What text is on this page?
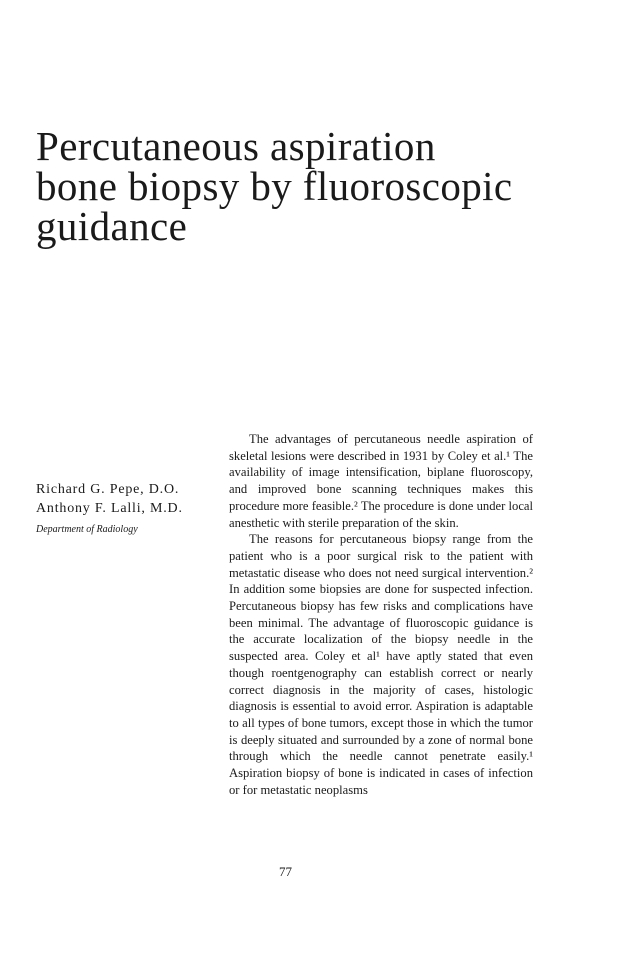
Percutaneous aspiration
bone biopsy by fluoroscopic
guidance
Richard G. Pepe, D.O.
Anthony F. Lalli, M.D.
Department of Radiology

The advantages of percutaneous needle aspiration of skeletal lesions were described in 1931 by Coley et al.¹ The availability of image intensification, biplane fluoroscopy, and improved bone scanning techniques makes this procedure more feasible.² The procedure is done under local anesthetic with sterile preparation of the skin.

The reasons for percutaneous biopsy range from the patient who is a poor surgical risk to the patient with metastatic disease who does not need surgical intervention.² In addition some biopsies are done for suspected infection. Percutaneous biopsy has few risks and complications have been minimal. The advantage of fluoroscopic guidance is the accurate localization of the biopsy needle in the suspected area. Coley et al¹ have aptly stated that even though roentgenography can establish correct or nearly correct diagnosis in the majority of cases, histologic diagnosis is essential to avoid error. Aspiration is adaptable to all types of bone tumors, except those in which the tumor is deeply situated and surrounded by a zone of normal bone through which the needle cannot penetrate easily.¹ Aspiration biopsy of bone is indicated in cases of infection or for metastatic neoplasms

77
